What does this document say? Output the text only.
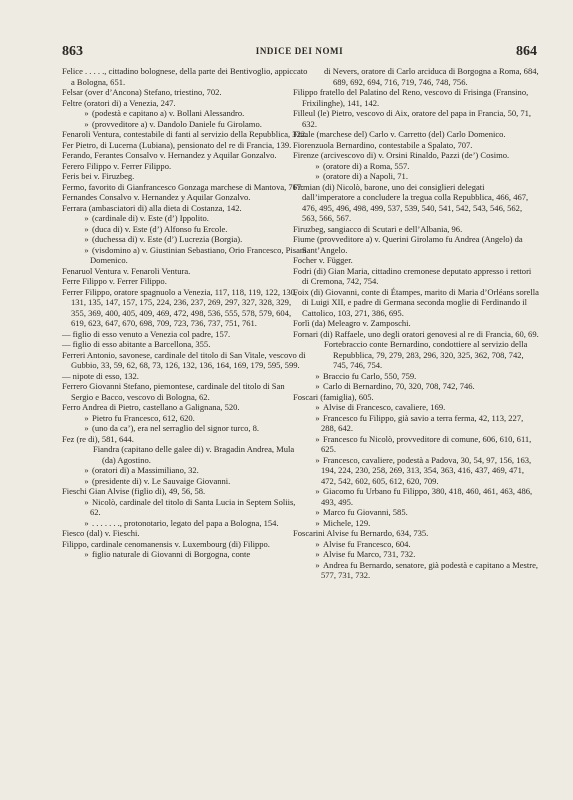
863	INDICE DEI NOMI	864

Felice . . . . ., cittadino bolognese, della parte dei Bentivoglio, appiccato a Bologna, 651.

Felsar (over d’Ancona) Stefano, triestino, 702.

Feltre (oratori di) a Venezia, 247.

» (podestà e capitano a) v. Bollani Alessandro.

» (provveditore a) v. Dandolo Daniele fu Girolamo.

Fenaroli Ventura, contestabile di fanti al servizio della Repubblica, 322.

Fer Pietro, di Lucerna (Lubiana), pensionato del re di Francia, 139.

Ferando, Ferantes Consalvo v. Hernandez y Aquilar Gonzalvo.

Ferero Filippo v. Ferrer Filippo.

Feris bei v. Firuzbeg.

Fermo, favorito di Gianfrancesco Gonzaga marchese di Mantova, 767.

Fernandes Consalvo v. Hernandez y Aquilar Gonzalvo.

Ferrara (ambasciatori di) alla dieta di Costanza, 142.

» (cardinale di) v. Este (d’) Ippolito.

» (duca di) v. Este (d’) Alfonso fu Ercole.

» (duchessa di) v. Este (d’) Lucrezia (Borgia).

» (visdomino a) v. Giustinian Sebastiano, Orio Francesco, Pisani Domenico.

Fenaruol Ventura v. Fenaroli Ventura.

Ferre Filippo v. Ferrer Filippo.

Ferrer Filippo, oratore spagnuolo a Venezia, 117, 118, 119, 122, 130, 131, 135, 147, 157, 175, 224, 236, 237, 269, 297, 327, 328, 329, 355, 369, 400, 405, 409, 469, 472, 498, 536, 555, 578, 579, 604, 619, 623, 647, 670, 698, 709, 723, 736, 737, 751, 761.

— figlio di esso venuto a Venezia col padre, 157.

— figlio di esso abitante a Barcellona, 355.

Ferreri Antonio, savonese, cardinale del titolo di San Vitale, vescovo di Gubbio, 33, 59, 62, 68, 73, 126, 132, 136, 164, 169, 179, 595, 599.

— nipote di esso, 132.

Ferrero Giovanni Stefano, piemontese, cardinale del titolo di San Sergio e Bacco, vescovo di Bologna, 62.

Ferro Andrea di Pietro, castellano a Galignana, 520.

» Pietro fu Francesco, 612, 620.

» (uno da ca’), era nel serraglio del signor turco, 8.

Fez (re di), 581, 644.

Fiandra (capitano delle galee di) v. Bragadin Andrea, Mula (da) Agostino.

» (oratori di) a Massimiliano, 32.

» (presidente di) v. Le Sauvaige Giovanni.

Fieschi Gian Alvise (figlio di), 49, 56, 58.

» Nicolò, cardinale del titolo di Santa Lucia in Septem Soliis, 62.

» . . . . . . ., protonotario, legato del papa a Bologna, 154.

Fiesco (dal) v. Fieschi.

Filippo, cardinale cenomanensis v. Luxembourg (di) Filippo.

» figlio naturale di Giovanni di Borgogna, conte

di Nevers, oratore di Carlo arciduca di Borgogna a Roma, 684, 689, 692, 694, 716, 719, 746, 748, 756.

Filippo fratello del Palatino del Reno, vescovo di Frisinga (Fransino, Frixilinghe), 141, 142.

Filleul (le) Pietro, vescovo di Aix, oratore del papa in Francia, 50, 71, 632.

Finale (marchese del) Carlo v. Carretto (del) Carlo Domenico.

Fiorenzuola Bernardino, contestabile a Spalato, 707.

Firenze (arcivescovo di) v. Orsini Rinaldo, Pazzi (de’) Cosimo.

» (oratore di) a Roma, 557.

» (oratore di) a Napoli, 71.

Firmian (di) Nicolò, barone, uno dei consiglieri delegati dall’imperatore a concludere la tregua colla Repubblica, 466, 467, 476, 495, 496, 498, 499, 537, 539, 540, 541, 542, 543, 546, 562, 563, 566, 567.

Firuzbeg, sangiacco di Scutari e dell’Albania, 96.

Fiume (provveditore a) v. Querini Girolamo fu Andrea (Angelo) da Sant’Angelo.

Focher v. Függer.

Fodri (di) Gian Maria, cittadino cremonese deputato appresso i rettori di Cremona, 742, 754.

Foix (di) Giovanni, conte di Étampes, marito di Maria d’Orléans sorella di Luigi XII, e padre di Germana seconda moglie di Ferdinando il Cattolico, 103, 271, 386, 695.

Forlì (da) Meleagro v. Zamposchi.

Fornari (di) Raffaele, uno degli oratori genovesi al re di Francia, 60, 69.

Fortebraccio conte Bernardino, condottiere al servizio della Repubblica, 79, 279, 283, 296, 320, 325, 362, 708, 742, 745, 746, 754.

» Braccio fu Carlo, 550, 759.

» Carlo di Bernardino, 70, 320, 708, 742, 746.

Foscari (famiglia), 605.

» Alvise di Francesco, cavaliere, 169.

» Francesco fu Filippo, già savio a terra ferma, 42, 113, 227, 288, 642.

» Francesco fu Nicolò, provveditore di comune, 606, 610, 611, 625.

» Francesco, cavaliere, podestà a Padova, 30, 54, 97, 156, 163, 194, 224, 230, 258, 269, 313, 354, 363, 416, 437, 469, 471, 472, 542, 602, 605, 612, 620, 709.

» Giacomo fu Urbano fu Filippo, 380, 418, 460, 461, 463, 486, 493, 495.

» Marco fu Giovanni, 585.

» Michele, 129.

Foscarini Alvise fu Bernardo, 634, 735.

» Alvise fu Francesco, 604.

» Alvise fu Marco, 731, 732.

» Andrea fu Bernardo, senatore, già podestà e capitano a Mestre, 577, 731, 732.
